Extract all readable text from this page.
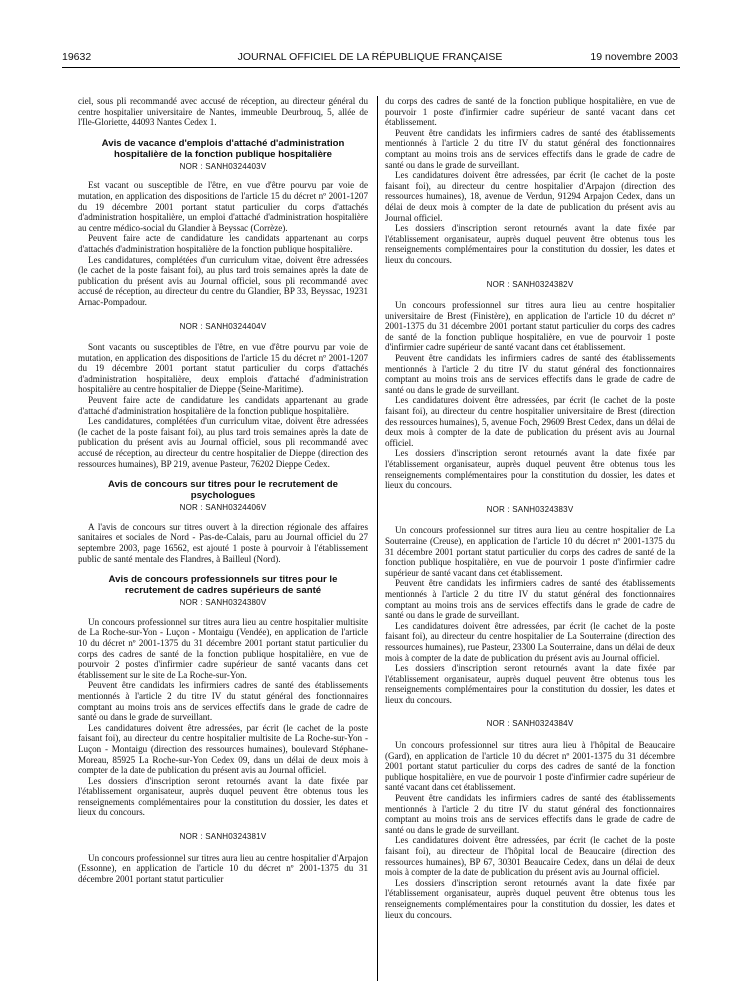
19632	JOURNAL OFFICIEL DE LA RÉPUBLIQUE FRANÇAISE	19 novembre 2003

ciel, sous pli recommandé avec accusé de réception, au directeur général du centre hospitalier universitaire de Nantes, immeuble Deurbrouq, 5, allée de l'Ile-Gloriette, 44093 Nantes Cedex 1.

Avis de vacance d'emplois d'attaché d'administration hospitalière de la fonction publique hospitalière
NOR : SANH0324403V

Est vacant ou susceptible de l'être, en vue d'être pourvu par voie de mutation, en application des dispositions de l'article 15 du décret nº 2001-1207 du 19 décembre 2001 portant statut particulier du corps d'attachés d'administration hospitalière, un emploi d'attaché d'administration hospitalière au centre médico-social du Glandier à Beyssac (Corrèze).

Peuvent faire acte de candidature les candidats appartenant au corps d'attachés d'administration hospitalière de la fonction publique hospitalière.

Les candidatures, complétées d'un curriculum vitae, doivent être adressées (le cachet de la poste faisant foi), au plus tard trois semaines après la date de publication du présent avis au Journal officiel, sous pli recommandé avec accusé de réception, au directeur du centre du Glandier, BP 33, Beyssac, 19231 Arnac-Pompadour.

NOR : SANH0324404V

Sont vacants ou susceptibles de l'être, en vue d'être pourvu par voie de mutation, en application des dispositions de l'article 15 du décret nº 2001-1207 du 19 décembre 2001 portant statut particulier du corps d'attachés d'administration hospitalière, deux emplois d'attaché d'administration hospitalière au centre hospitalier de Dieppe (Seine-Maritime).

Peuvent faire acte de candidature les candidats appartenant au grade d'attaché d'administration hospitalière de la fonction publique hospitalière.

Les candidatures, complétées d'un curriculum vitae, doivent être adressées (le cachet de la poste faisant foi), au plus tard trois semaines après la date de publication du présent avis au Journal officiel, sous pli recommandé avec accusé de réception, au directeur du centre hospitalier de Dieppe (direction des ressources humaines), BP 219, avenue Pasteur, 76202 Dieppe Cedex.

Avis de concours sur titres pour le recrutement de psychologues
NOR : SANH0324406V

A l'avis de concours sur titres ouvert à la direction régionale des affaires sanitaires et sociales de Nord - Pas-de-Calais, paru au Journal officiel du 27 septembre 2003, page 16562, est ajouté 1 poste à pourvoir à l'établissement public de santé mentale des Flandres, à Bailleul (Nord).

Avis de concours professionnels sur titres pour le recrutement de cadres supérieurs de santé
NOR : SANH0324380V

Un concours professionnel sur titres aura lieu au centre hospitalier multisite de La Roche-sur-Yon - Luçon - Montaigu (Vendée), en application de l'article 10 du décret nº 2001-1375 du 31 décembre 2001 portant statut particulier du corps des cadres de santé de la fonction publique hospitalière, en vue de pourvoir 2 postes d'infirmier cadre supérieur de santé vacants dans cet établissement sur le site de La Roche-sur-Yon.

Peuvent être candidats les infirmiers cadres de santé des établissements mentionnés à l'article 2 du titre IV du statut général des fonctionnaires comptant au moins trois ans de services effectifs dans le grade de cadre de santé ou dans le grade de surveillant.

Les candidatures doivent être adressées, par écrit (le cachet de la poste faisant foi), au directeur du centre hospitalier multisite de La Roche-sur-Yon - Luçon - Montaigu (direction des ressources humaines), boulevard Stéphane-Moreau, 85925 La Roche-sur-Yon Cedex 09, dans un délai de deux mois à compter de la date de publication du présent avis au Journal officiel.

Les dossiers d'inscription seront retournés avant la date fixée par l'établissement organisateur, auprès duquel peuvent être obtenus tous les renseignements complémentaires pour la constitution du dossier, les dates et lieux du concours.

NOR : SANH0324381V

Un concours professionnel sur titres aura lieu au centre hospitalier d'Arpajon (Essonne), en application de l'article 10 du décret nº 2001-1375 du 31 décembre 2001 portant statut particulier

du corps des cadres de santé de la fonction publique hospitalière, en vue de pourvoir 1 poste d'infirmier cadre supérieur de santé vacant dans cet établissement.

Peuvent être candidats les infirmiers cadres de santé des établissements mentionnés à l'article 2 du titre IV du statut général des fonctionnaires comptant au moins trois ans de services effectifs dans le grade de cadre de santé ou dans le grade de surveillant.

Les candidatures doivent être adressées, par écrit (le cachet de la poste faisant foi), au directeur du centre hospitalier d'Arpajon (direction des ressources humaines), 18, avenue de Verdun, 91294 Arpajon Cedex, dans un délai de deux mois à compter de la date de publication du présent avis au Journal officiel.

Les dossiers d'inscription seront retournés avant la date fixée par l'établissement organisateur, auprès duquel peuvent être obtenus tous les renseignements complémentaires pour la constitution du dossier, les dates et lieux du concours.

NOR : SANH0324382V

Un concours professionnel sur titres aura lieu au centre hospitalier universitaire de Brest (Finistère), en application de l'article 10 du décret nº 2001-1375 du 31 décembre 2001 portant statut particulier du corps des cadres de santé de la fonction publique hospitalière, en vue de pourvoir 1 poste d'infirmier cadre supérieur de santé vacant dans cet établissement.

Peuvent être candidats les infirmiers cadres de santé des établissements mentionnés à l'article 2 du titre IV du statut général des fonctionnaires comptant au moins trois ans de services effectifs dans le grade de cadre de santé ou dans le grade de surveillant.

Les candidatures doivent être adressées, par écrit (le cachet de la poste faisant foi), au directeur du centre hospitalier universitaire de Brest (direction des ressources humaines), 5, avenue Foch, 29609 Brest Cedex, dans un délai de deux mois à compter de la date de publication du présent avis au Journal officiel.

Les dossiers d'inscription seront retournés avant la date fixée par l'établissement organisateur, auprès duquel peuvent être obtenus tous les renseignements complémentaires pour la constitution du dossier, les dates et lieux du concours.

NOR : SANH0324383V

Un concours professionnel sur titres aura lieu au centre hospitalier de La Souterraine (Creuse), en application de l'article 10 du décret nº 2001-1375 du 31 décembre 2001 portant statut particulier du corps des cadres de santé de la fonction publique hospitalière, en vue de pourvoir 1 poste d'infirmier cadre supérieur de santé vacant dans cet établissement.

Peuvent être candidats les infirmiers cadres de santé des établissements mentionnés à l'article 2 du titre IV du statut général des fonctionnaires comptant au moins trois ans de services effectifs dans le grade de cadre de santé ou dans le grade de surveillant.

Les candidatures doivent être adressées, par écrit (le cachet de la poste faisant foi), au directeur du centre hospitalier de La Souterraine (direction des ressources humaines), rue Pasteur, 23300 La Souterraine, dans un délai de deux mois à compter de la date de publication du présent avis au Journal officiel.

Les dossiers d'inscription seront retournés avant la date fixée par l'établissement organisateur, auprès duquel peuvent être obtenus tous les renseignements complémentaires pour la constitution du dossier, les dates et lieux du concours.

NOR : SANH0324384V

Un concours professionnel sur titres aura lieu à l'hôpital de Beaucaire (Gard), en application de l'article 10 du décret nº 2001-1375 du 31 décembre 2001 portant statut particulier du corps des cadres de santé de la fonction publique hospitalière, en vue de pourvoir 1 poste d'infirmier cadre supérieur de santé vacant dans cet établissement.

Peuvent être candidats les infirmiers cadres de santé des établissements mentionnés à l'article 2 du titre IV du statut général des fonctionnaires comptant au moins trois ans de services effectifs dans le grade de cadre de santé ou dans le grade de surveillant.

Les candidatures doivent être adressées, par écrit (le cachet de la poste faisant foi), au directeur de l'hôpital local de Beaucaire (direction des ressources humaines), BP 67, 30301 Beaucaire Cedex, dans un délai de deux mois à compter de la date de publication du présent avis au Journal officiel.

Les dossiers d'inscription seront retournés avant la date fixée par l'établissement organisateur, auprès duquel peuvent être obtenus tous les renseignements complémentaires pour la constitution du dossier, les dates et lieux du concours.
